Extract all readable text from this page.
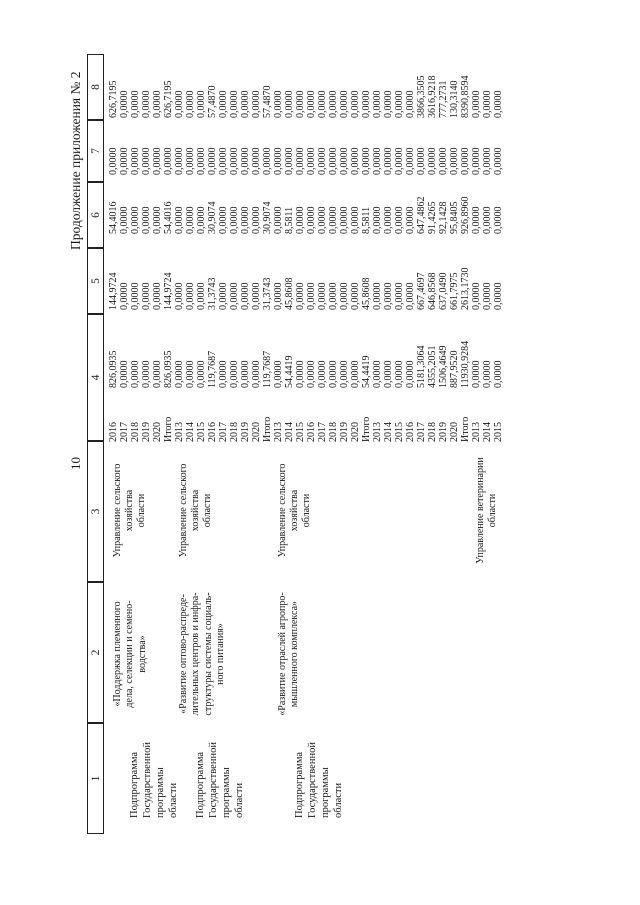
10
Продолжение приложения № 2
1
2
3
4
5
6
7
8
Подпрограмма Государственной программы области
«Поддержка племенного дела, селекции и семено- водства»
Управление сельского хозяйства области
2016 2017 2018 2019 2020 Итого
826,0935 0,0000 0,0000 0,0000 0,0000 826,0935
144,9724 0,0000 0,0000 0,0000 0,0000 144,9724
54,4016 0,0000 0,0000 0,0000 0,0000 54,4016
0,0000 0,0000 0,0000 0,0000 0,0000 0,0000
626,7195 0,0000 0,0000 0,0000 0,0000 626,7195
Подпрограмма Государственной программы области
«Развитие оптово-распреде- лительных центров и инфра- структуры системы социаль- ного питания»
Управление сельского хозяйства области
2013 2014 2015 2016 2017 2018 2019 2020 Итого
0,0000 0,0000 0,0000 119,7687 0,0000 0,0000 0,0000 0,0000 119,7687
0,0000 0,0000 0,0000 31,3743 0,0000 0,0000 0,0000 0,0000 31,3743
0,0000 0,0000 0,0000 30,9074 0,0000 0,0000 0,0000 0,0000 30,9074
0,0000 0,0000 0,0000 0,0000 0,0000 0,0000 0,0000 0,0000 0,0000
0,0000 0,0000 0,0000 57,4870 0,0000 0,0000 0,0000 0,0000 57,4870
Подпрограмма Государственной программы области
«Развитие отраслей агропро- мышленного комплекса»
Управление сельского хозяйства области
2013 2014 2015 2016 2017 2018 2019 2020 Итого 2013 2014 2015 2016 2017 2018 2019 2020 Итого
0,0000 54,4419 0,0000 0,0000 0,0000 0,0000 0,0000 0,0000 54,4419 0,0000 0,0000 0,0000 0,0000 5181,3064 4355,2051 1506,4649 887,9520 11930,9284
0,0000 45,8608 0,0000 0,0000 0,0000 0,0000 0,0000 0,0000 45,8608 0,0000 0,0000 0,0000 0,0000 667,4697 646,8568 637,0490 661,7975 2613,1730
0,0000 8,5811 0,0000 0,0000 0,0000 0,0000 0,0000 0,0000 8,5811 0,0000 0,0000 0,0000 0,0000 647,4862 91,4265 92,1428 95,8405 926,8960
0,0000 0,0000 0,0000 0,0000 0,0000 0,0000 0,0000 0,0000 0,0000 0,0000 0,0000 0,0000 0,0000 0,0000 0,0000 0,0000 0,0000 0,0000
0,0000 0,0000 0,0000 0,0000 0,0000 0,0000 0,0000 0,0000 0,0000 0,0000 0,0000 0,0000 0,0000 3866,3505 3616,9218 777,2731 130,3140 8390,8594
Управление ветеринарии области
2013 2014 2015
0,0000 0,0000 0,0000
0,0000 0,0000 0,0000
0,0000 0,0000 0,0000
0,0000 0,0000 0,0000
0,0000 0,0000 0,0000
